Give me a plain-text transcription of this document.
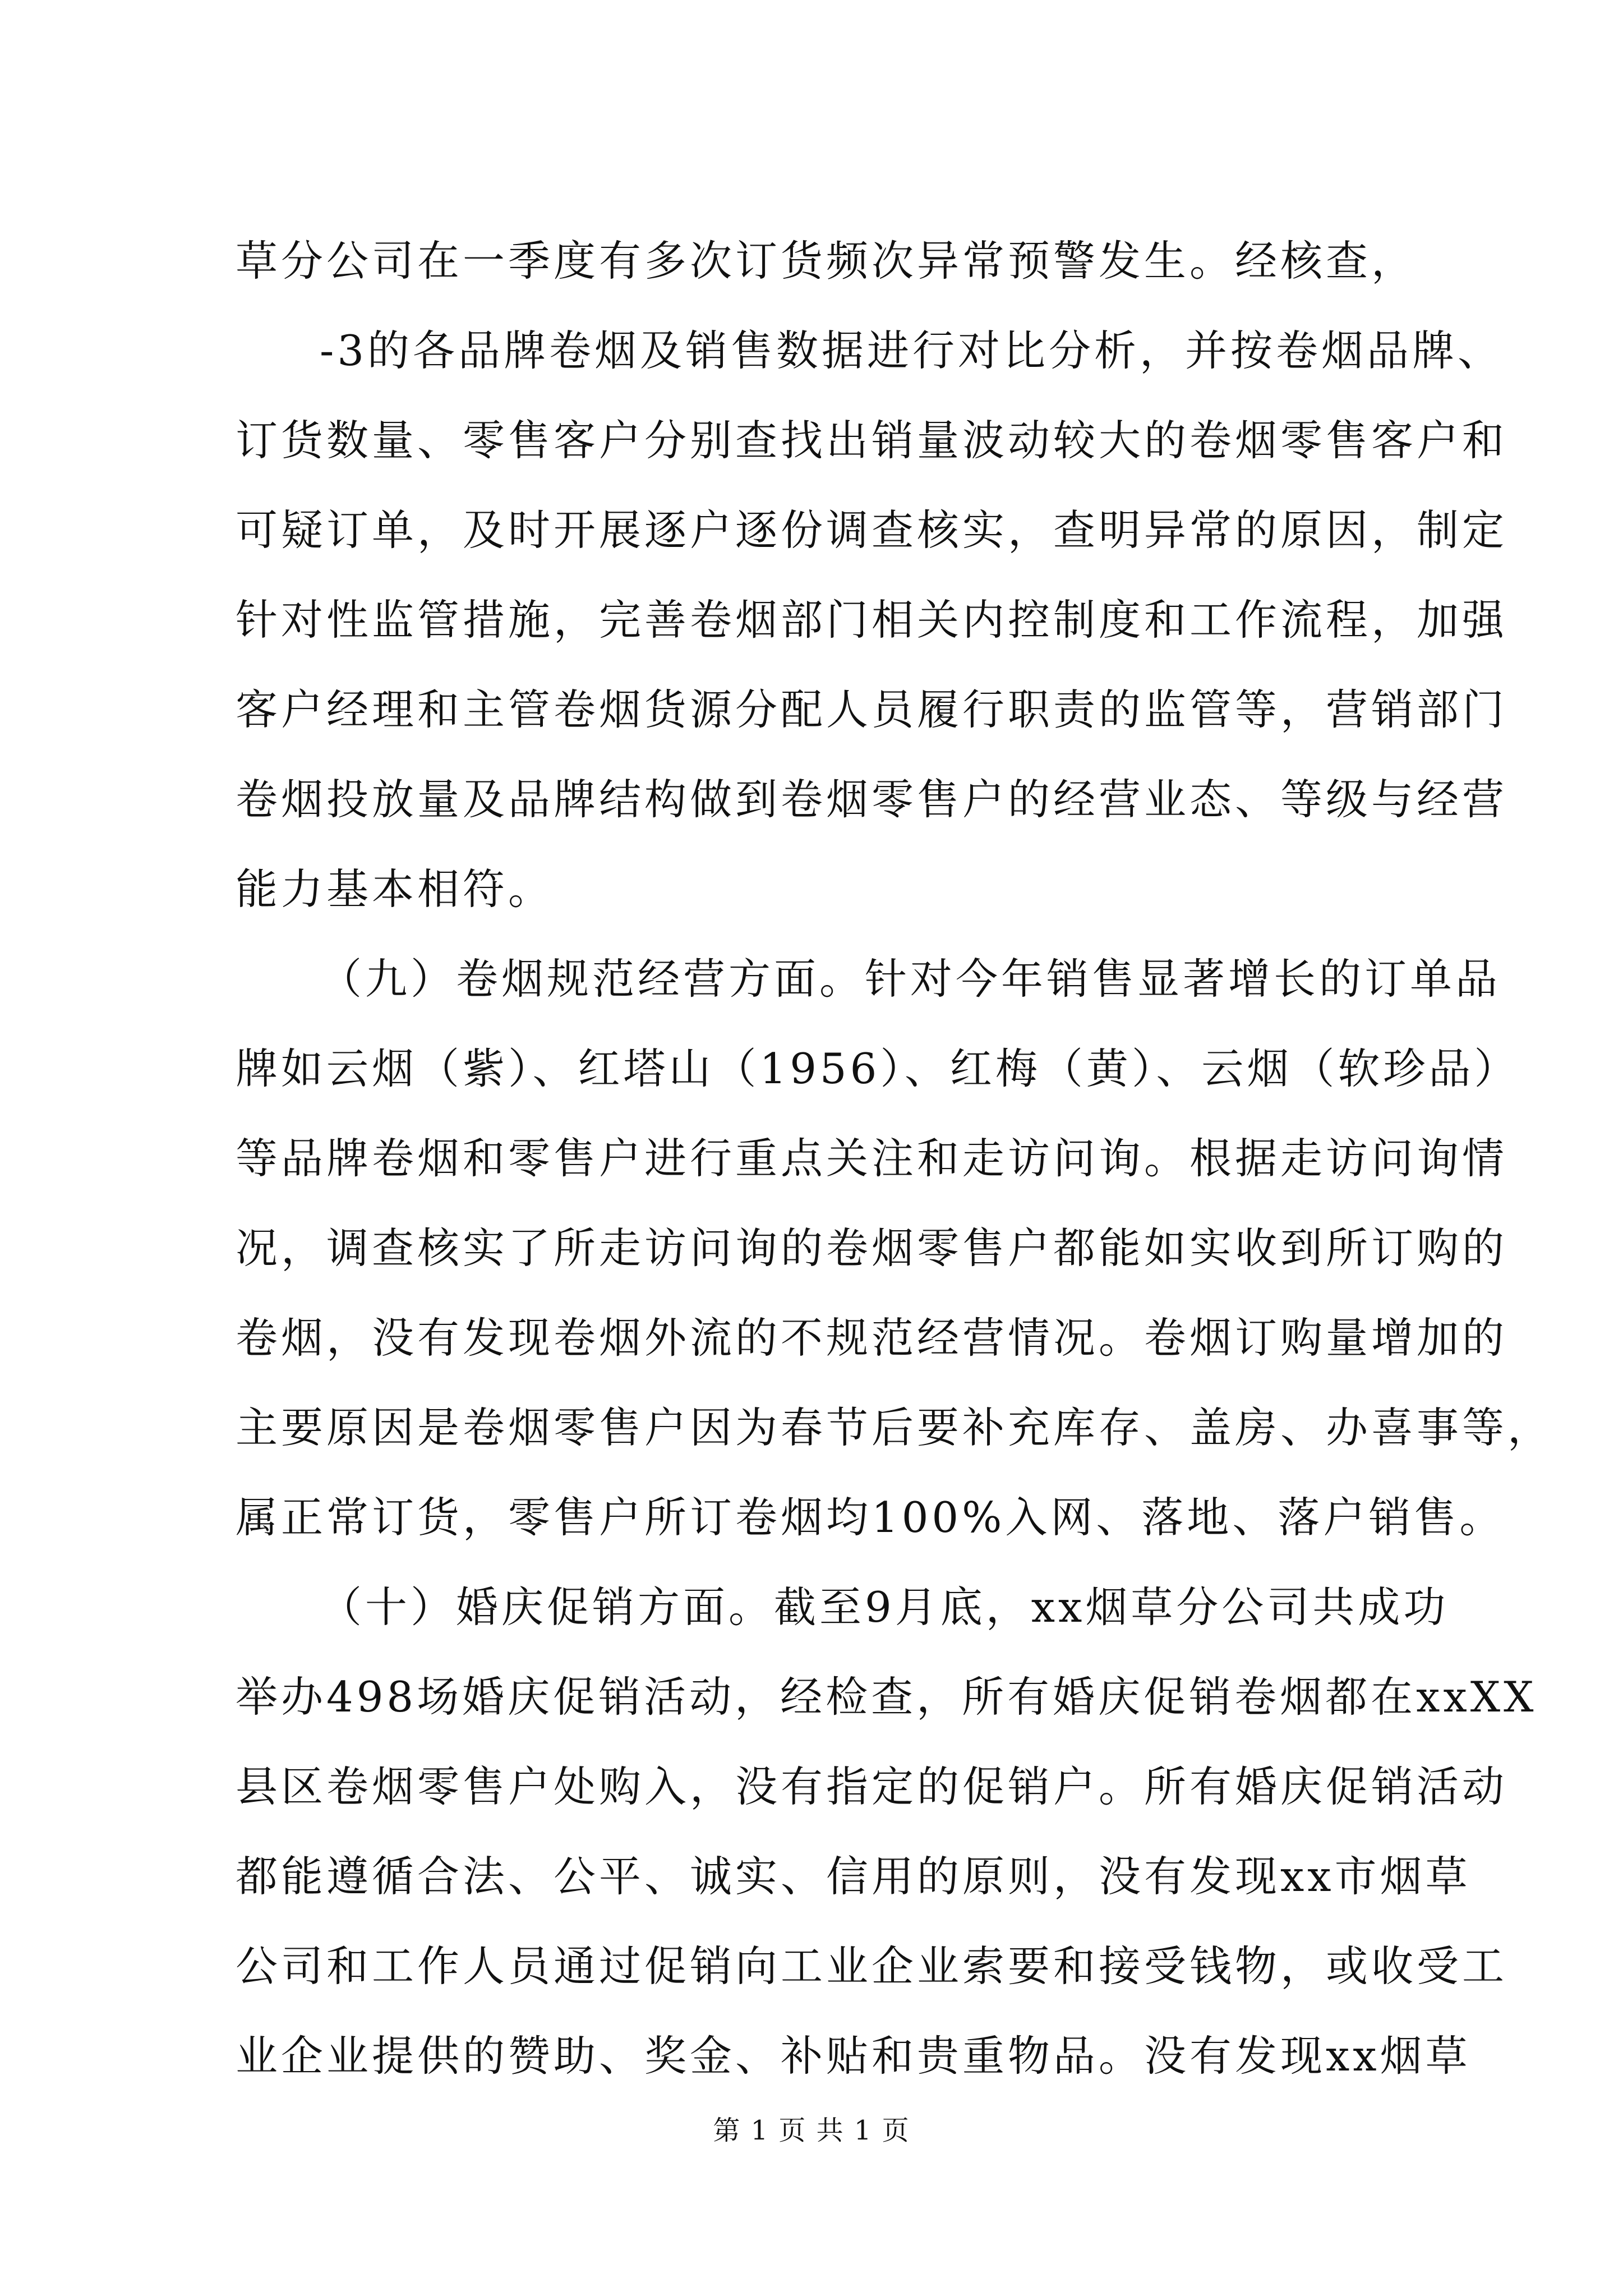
草分公司在一季度有多次订货频次异常预警发生。经核查，
-3的各品牌卷烟及销售数据进行对比分析，并按卷烟品牌、
订货数量、零售客户分别查找出销量波动较大的卷烟零售客户和
可疑订单，及时开展逐户逐份调查核实，查明异常的原因，制定
针对性监管措施，完善卷烟部门相关内控制度和工作流程，加强
客户经理和主管卷烟货源分配人员履行职责的监管等，营销部门
卷烟投放量及品牌结构做到卷烟零售户的经营业态、等级与经营
能力基本相符。
（九）卷烟规范经营方面。针对今年销售显著增长的订单品
牌如云烟（紫）、红塔山（1956）、红梅（黄）、云烟（软珍品）
等品牌卷烟和零售户进行重点关注和走访问询。根据走访问询情
况，调查核实了所走访问询的卷烟零售户都能如实收到所订购的
卷烟，没有发现卷烟外流的不规范经营情况。卷烟订购量增加的
主要原因是卷烟零售户因为春节后要补充库存、盖房、办喜事等，
属正常订货，零售户所订卷烟均100%入网、落地、落户销售。
（十）婚庆促销方面。截至9月底，xx烟草分公司共成功
举办498场婚庆促销活动，经检查，所有婚庆促销卷烟都在xxXX
县区卷烟零售户处购入，没有指定的促销户。所有婚庆促销活动
都能遵循合法、公平、诚实、信用的原则，没有发现xx市烟草
公司和工作人员通过促销向工业企业索要和接受钱物，或收受工
业企业提供的赞助、奖金、补贴和贵重物品。没有发现xx烟草
第 1 页 共 1 页
